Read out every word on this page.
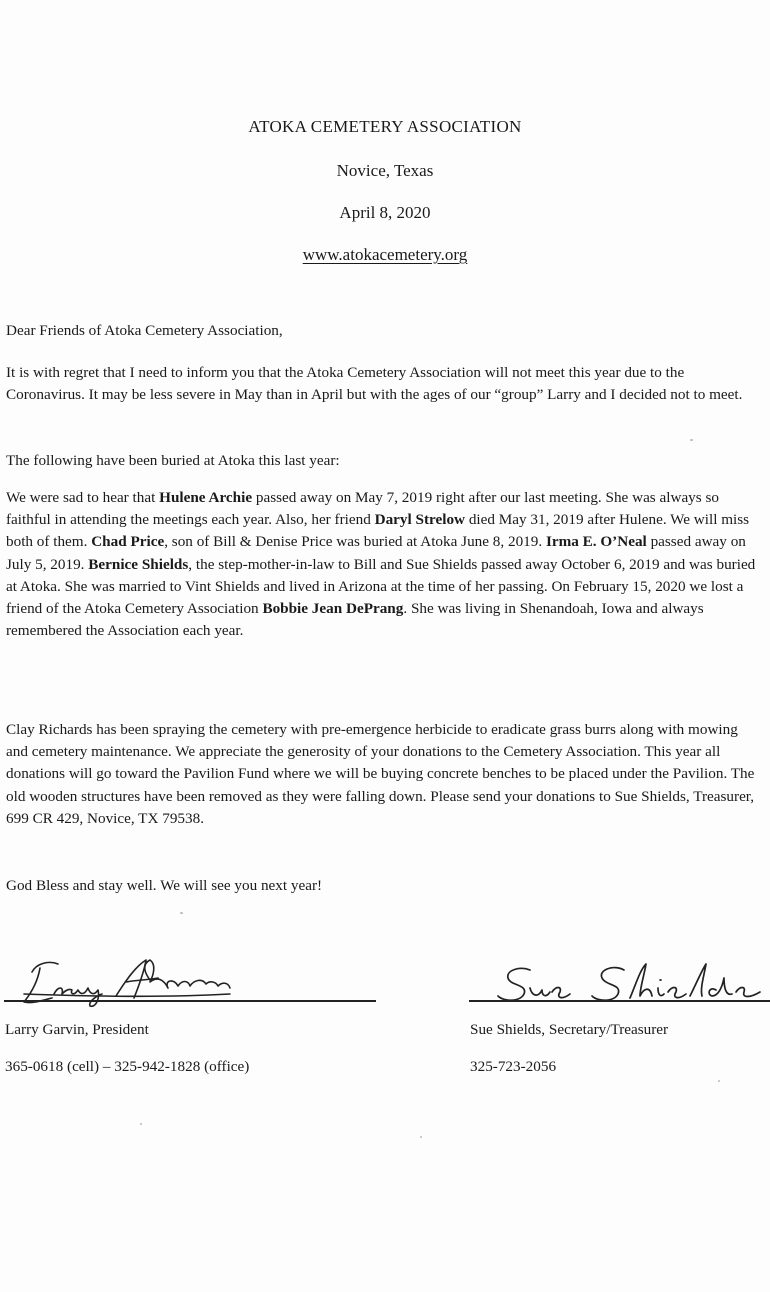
ATOKA CEMETERY ASSOCIATION
Novice, Texas
April 8, 2020
www.atokacemetery.org

Dear Friends of Atoka Cemetery Association,

It is with regret that I need to inform you that the Atoka Cemetery Association will not meet this year due to the Coronavirus. It may be less severe in May than in April but with the ages of our “group” Larry and I decided not to meet.

The following have been buried at Atoka this last year:

We were sad to hear that Hulene Archie passed away on May 7, 2019 right after our last meeting. She was always so faithful in attending the meetings each year. Also, her friend Daryl Strelow died May 31, 2019 after Hulene. We will miss both of them. Chad Price, son of Bill & Denise Price was buried at Atoka June 8, 2019. Irma E. O’Neal passed away on July 5, 2019. Bernice Shields, the step-mother-in-law to Bill and Sue Shields passed away October 6, 2019 and was buried at Atoka. She was married to Vint Shields and lived in Arizona at the time of her passing. On February 15, 2020 we lost a friend of the Atoka Cemetery Association Bobbie Jean DePrang. She was living in Shenandoah, Iowa and always remembered the Association each year.

Clay Richards has been spraying the cemetery with pre-emergence herbicide to eradicate grass burrs along with mowing and cemetery maintenance. We appreciate the generosity of your donations to the Cemetery Association. This year all donations will go toward the Pavilion Fund where we will be buying concrete benches to be placed under the Pavilion. The old wooden structures have been removed as they were falling down. Please send your donations to Sue Shields, Treasurer, 699 CR 429, Novice, TX 79538.

God Bless and stay well. We will see you next year!

Larry Garvin, President
365-0618 (cell) – 325-942-1828 (office)
Sue Shields, Secretary/Treasurer
325-723-2056
